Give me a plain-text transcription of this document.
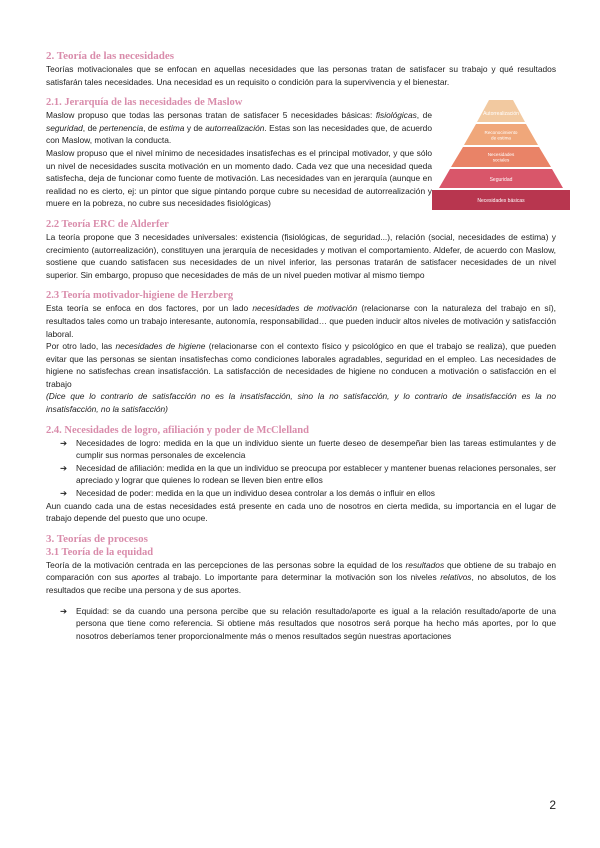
2. Teoría de las necesidades

Teorías motivacionales que se enfocan en aquellas necesidades que las personas tratan de satisfacer su trabajo y qué resultados satisfarán tales necesidades. Una necesidad es un requisito o condición para la supervivencia y el bienestar.

2.1. Jerarquía de las necesidades de Maslow

Maslow propuso que todas las personas tratan de satisfacer 5 necesidades básicas: fisiológicas, de seguridad, de pertenencia, de estima y de autorrealización. Estas son las necesidades que, de acuerdo con Maslow, motivan la conducta.

Maslow propuso que el nivel mínimo de necesidades insatisfechas es el principal motivador, y que sólo un nivel de necesidades suscita motivación en un momento dado. Cada vez que una necesidad queda satisfecha, deja de funcionar como fuente de motivación. Las necesidades van en jerarquía (aunque en realidad no es cierto, ej: un pintor que sigue pintando porque cubre su necesidad de autorrealización y muere en la pobreza, no cubre sus necesidades fisiológicas)

2.2 Teoría ERC de Alderfer

La teoría propone que 3 necesidades universales: existencia (fisiológicas, de seguridad...), relación (social, necesidades de estima) y crecimiento (autorrealización), constituyen una jerarquía de necesidades y motivan el comportamiento. Aldefer, de acuerdo con Maslow, sostiene que cuando satisfacen sus necesidades de un nivel inferior, las personas tratarán de satisfacer necesidades de un nivel superior. Sin embargo, propuso que necesidades de más de un nivel pueden motivar al mismo tiempo

2.3 Teoría motivador-higiene de Herzberg

Esta teoría se enfoca en dos factores, por un lado necesidades de motivación (relacionarse con la naturaleza del trabajo en sí), resultados tales como un trabajo interesante, autonomía, responsabilidad… que pueden inducir altos niveles de motivación y satisfacción laboral.

Por otro lado, las necesidades de higiene (relacionarse con el contexto físico y psicológico en que el trabajo se realiza), que pueden evitar que las personas se sientan insatisfechas como condiciones laborales agradables, seguridad en el empleo. Las necesidades de higiene no satisfechas crean insatisfacción. La satisfacción de necesidades de higiene no conducen a motivación o satisfacción en el trabajo

(Dice que lo contrario de satisfacción no es la insatisfacción, sino la no satisfacción, y lo contrario de insatisfacción es la no insatisfacción, no la satisfacción)

2.4. Necesidades de logro, afiliación y poder de McClelland
➔ Necesidades de logro: medida en la que un individuo siente un fuerte deseo de desempeñar bien las tareas estimulantes y de cumplir sus normas personales de excelencia
➔ Necesidad de afiliación: medida en la que un individuo se preocupa por establecer y mantener buenas relaciones personales, ser apreciado y lograr que quienes lo rodean se lleven bien entre ellos
➔ Necesidad de poder: medida en la que un individuo desea controlar a los demás o influir en ellos

Aun cuando cada una de estas necesidades está presente en cada uno de nosotros en cierta medida, su importancia en el lugar de trabajo depende del puesto que uno ocupe.

3. Teorías de procesos
3.1 Teoría de la equidad

Teoría de la motivación centrada en las percepciones de las personas sobre la equidad de los resultados que obtiene de su trabajo en comparación con sus aportes al trabajo. Lo importante para determinar la motivación son los niveles relativos, no absolutos, de los resultados que recibe una persona y de sus aportes.

➔ Equidad: se da cuando una persona percibe que su relación resultado/aporte es igual a la relación resultado/aporte de una persona que tiene como referencia. Si obtiene más resultados que nosotros será porque ha hecho más aportes, por lo que nosotros deberíamos tener proporcionalmente más o menos resultados según nuestras aportaciones
Autorrealización
Reconocimiento de estima
Necesidades sociales
Seguridad
Necesidades básicas
2
